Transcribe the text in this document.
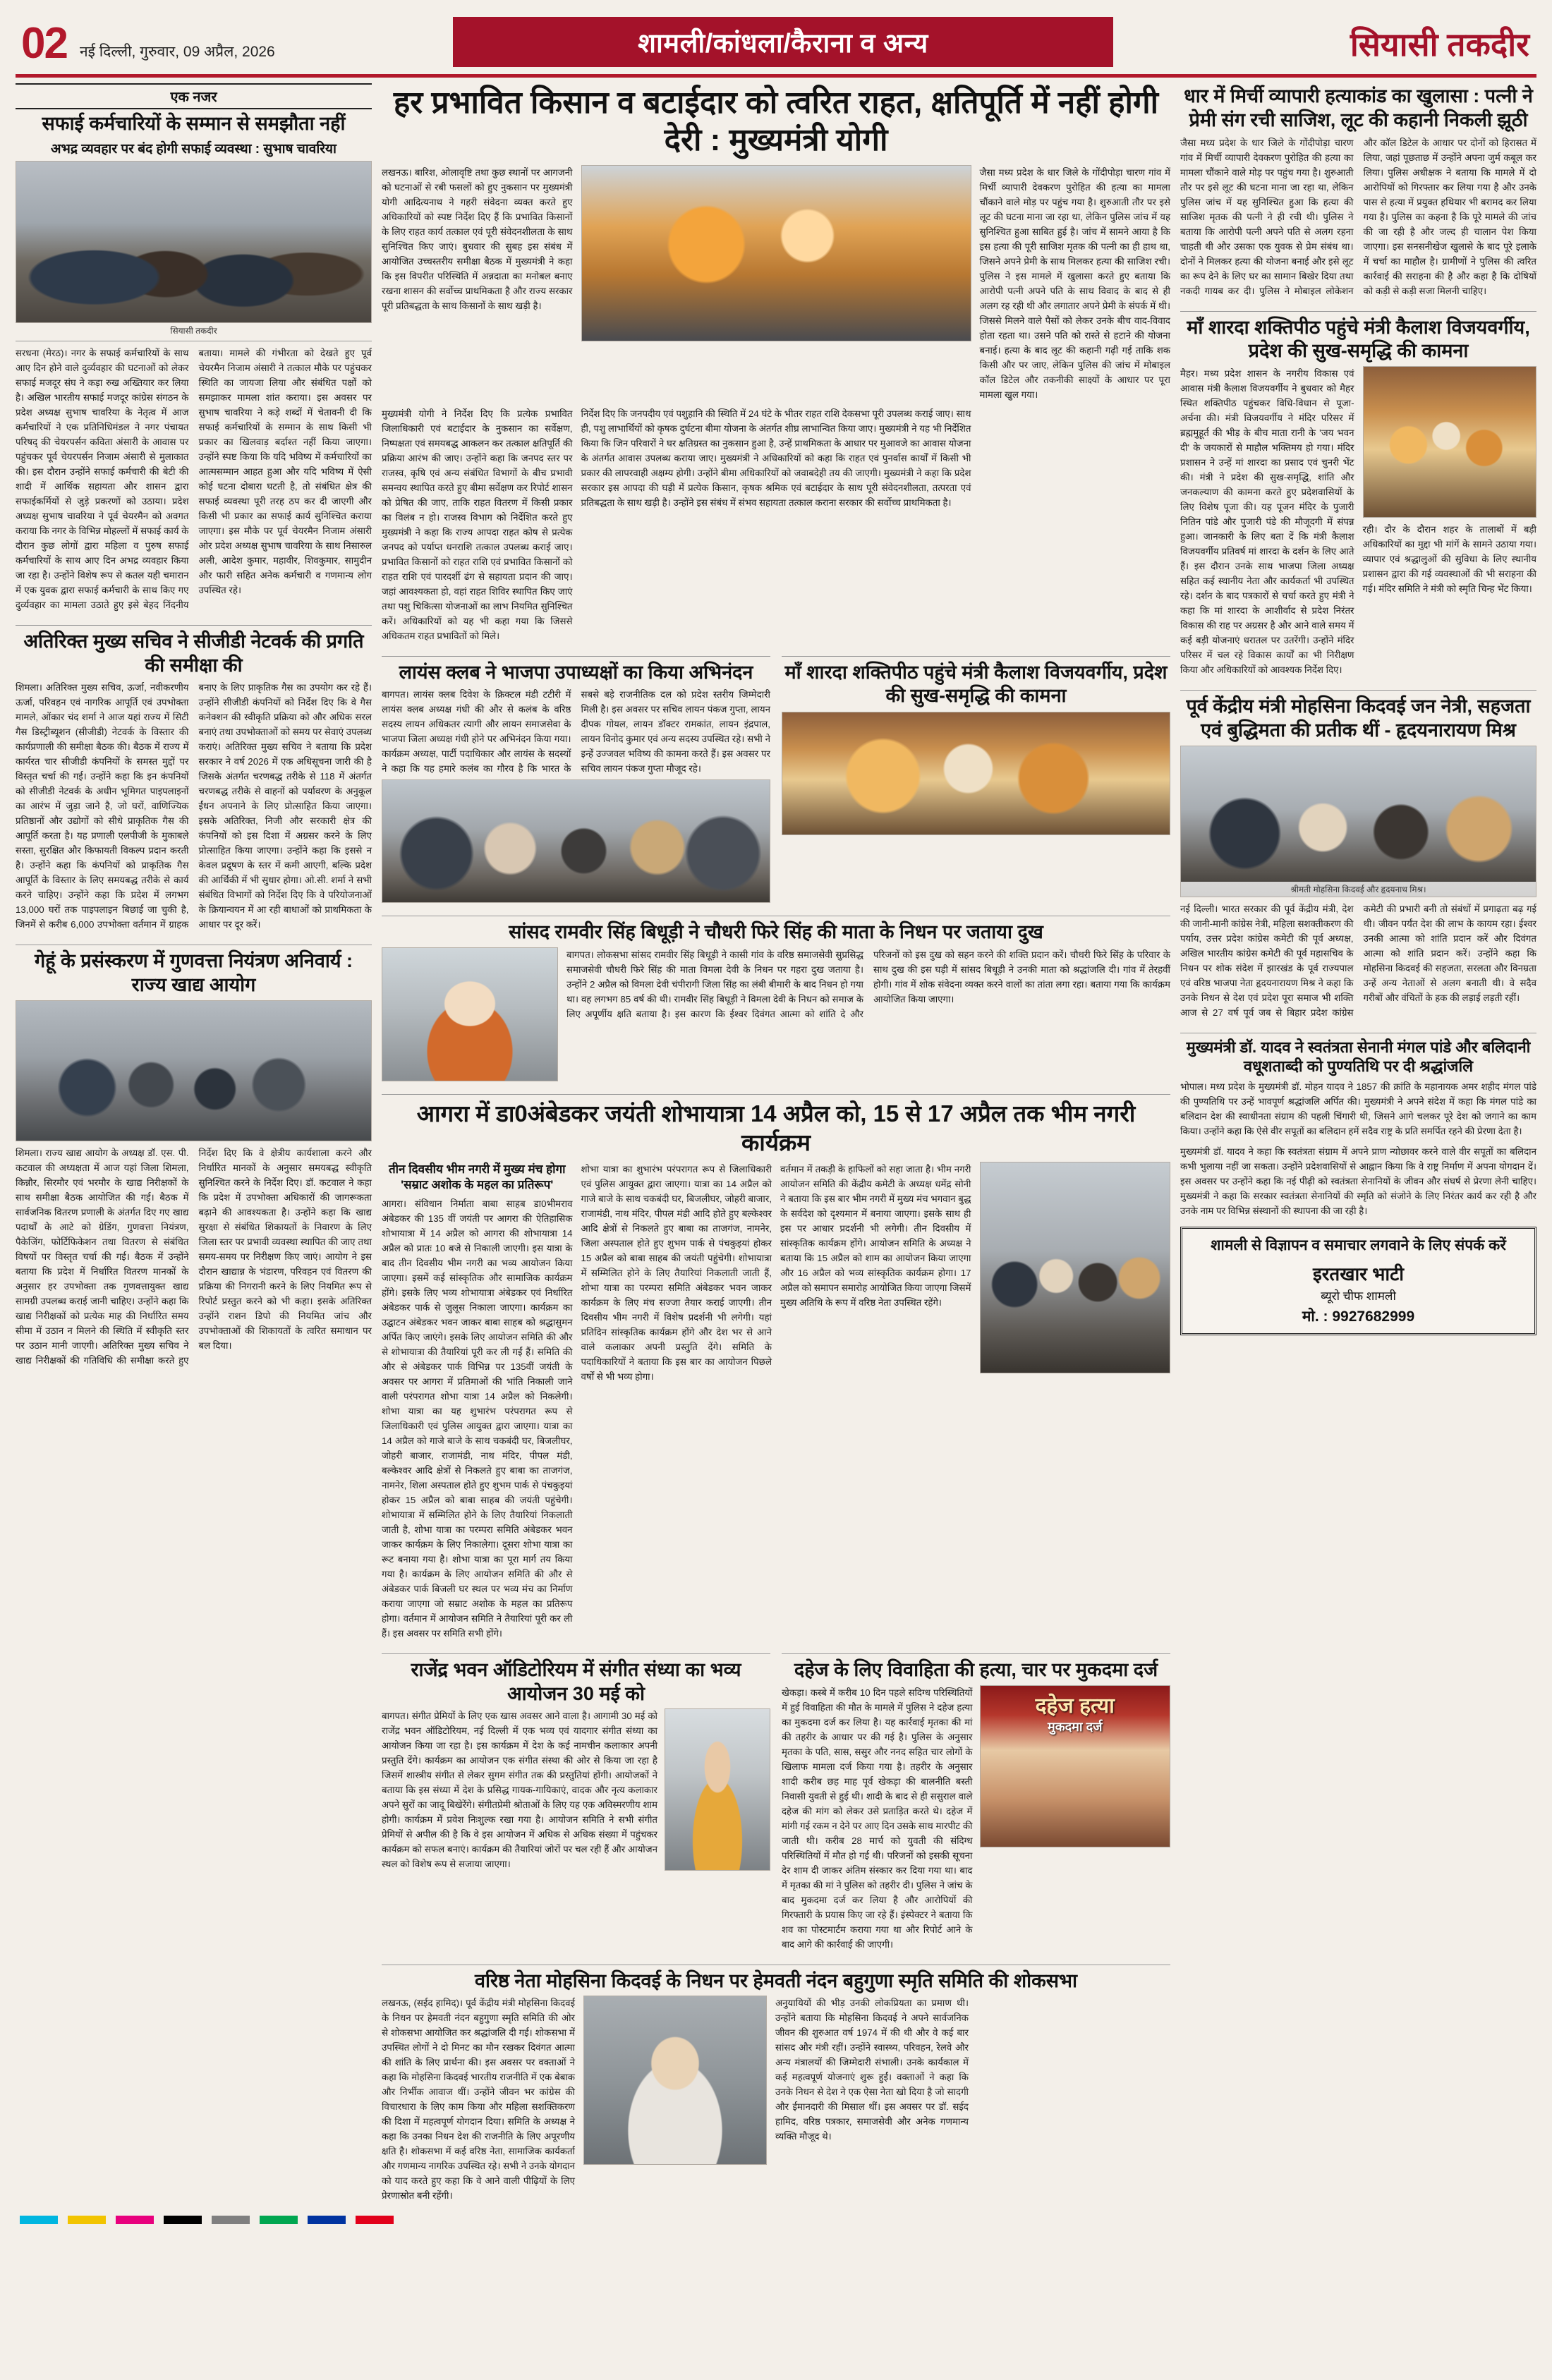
02 नई दिल्ली, गुरुवार, 09 अप्रैल, 2026	शामली/कांधला/कैराना व अन्य	सियासी तकदीर
एक नजर
सफाई कर्मचारियों के सम्मान से समझौता नहीं
अभद्र व्यवहार पर बंद होगी सफाई व्यवस्था : सुभाष चावरिया
सियासी तकदीर
सरधना (मेरठ)। नगर के सफाई कर्मचारियों के साथ आए दिन होने वाले दुर्व्यवहार की घटनाओं को लेकर सफाई मजदूर संघ ने कड़ा रुख अख्तियार कर लिया है। अखिल भारतीय सफाई मजदूर कांग्रेस संगठन के प्रदेश अध्यक्ष सुभाष चावरिया के नेतृत्व में आज कर्मचारियों ने एक प्रतिनिधिमंडल ने नगर पंचायत परिषद् की चेयरपर्सन कविता अंसारी के आवास पर पहुंचकर पूर्व चेयरपर्सन निजाम अंसारी से मुलाकात की। इस दौरान उन्होंने सफाई कर्मचारी की बेटी की शादी में आर्थिक सहायता और शासन द्वारा सफाईकर्मियों से जुड़े प्रकरणों को उठाया। प्रदेश अध्यक्ष सुभाष चावरिया ने पूर्व चेयरमैन को अवगत कराया कि नगर के विभिन्न मोहल्लों में सफाई कार्य के दौरान कुछ लोगों द्वारा महिला व पुरुष सफाई कर्मचारियों के साथ आए दिन अभद्र व्यवहार किया जा रहा है। उन्होंने विशेष रूप से कतल यही चमारान में एक युवक द्वारा सफाई कर्मचारी के साथ किए गए दुर्व्यवहार का मामला उठाते हुए इसे बेहद निंदनीय बताया। मामले की गंभीरता को देखते हुए पूर्व चेयरमैन निजाम अंसारी ने तत्काल मौके पर पहुंचकर स्थिति का जायजा लिया और संबंधित पक्षों को समझाकर मामला शांत कराया। इस अवसर पर सुभाष चावरिया ने कड़े शब्दों में चेतावनी दी कि सफाई कर्मचारियों के सम्मान के साथ किसी भी प्रकार का खिलवाड़ बर्दाश्त नहीं किया जाएगा। उन्होंने स्पष्ट किया कि यदि भविष्य में कर्मचारियों का आत्मसम्मान आहत हुआ और यदि भविष्य में ऐसी कोई घटना दोबारा घटती है, तो संबंधित क्षेत्र की सफाई व्यवस्था पूरी तरह ठप कर दी जाएगी और किसी भी प्रकार का सफाई कार्य सुनिश्चित कराया जाएगा। इस मौके पर पूर्व चेयरमैन निजाम अंसारी ओर प्रदेश अध्यक्ष सुभाष चावरिया के साथ निसारुल अली, आदेश कुमार, महावीर, शिवकुमार, सामुदीन और फारी सहित अनेक कर्मचारी व गणमान्य लोग उपस्थित रहे।
अतिरिक्त मुख्य सचिव ने सीजीडी नेटवर्क की प्रगति की समीक्षा की
शिमला। अतिरिक्त मुख्य सचिव, ऊर्जा, नवीकरणीय ऊर्जा, परिवहन एवं नागरिक आपूर्ति एवं उपभोक्ता मामले, ओंकार चंद शर्मा ने आज यहां राज्य में सिटी गैस डिस्ट्रीब्यूशन (सीजीडी) नेटवर्क के विस्तार की कार्यप्रणाली की समीक्षा बैठक की। बैठक में राज्य में कार्यरत चार सीजीडी कंपनियों के समस्त मुद्दों पर विस्तृत चर्चा की गई। उन्होंने कहा कि इन कंपनियों को सीजीडी नेटवर्क के अधीन भूमिगत पाइपलाइनों का आरंभ में जुड़ा जाने है, जो घरों, वाणिज्यिक प्रतिष्ठानों और उद्योगों को सीधे प्राकृतिक गैस की आपूर्ति करता है। यह प्रणाली एलपीजी के मुकाबले सस्ता, सुरक्षित और किफायती विकल्प प्रदान करती है। उन्होंने कहा कि कंपनियों को प्राकृतिक गैस आपूर्ति के विस्तार के लिए समयबद्ध तरीके से कार्य करने चाहिए। उन्होंने कहा कि प्रदेश में लगभग 13,000 घरों तक पाइपलाइन बिछाई जा चुकी है, जिनमें से करीब 6,000 उपभोक्ता वर्तमान में ग्राहक बनाए के लिए प्राकृतिक गैस का उपयोग कर रहे हैं। उन्होंने सीजीडी कंपनियों को निर्देश दिए कि वे गैस कनेक्शन की स्वीकृति प्रक्रिया को और अधिक सरल बनाएं तथा उपभोक्ताओं को समय पर सेवाएं उपलब्ध कराएं। अतिरिक्त मुख्य सचिव ने बताया कि प्रदेश सरकार ने वर्ष 2026 में एक अधिसूचना जारी की है जिसके अंतर्गत चरणबद्ध तरीके से 118 में अंतर्गत चरणबद्ध तरीके से वाहनों को पर्यावरण के अनुकूल ईंधन अपनाने के लिए प्रोत्साहित किया जाएगा। इसके अतिरिक्त, निजी और सरकारी क्षेत्र की कंपनियों को इस दिशा में अग्रसर करने के लिए प्रोत्साहित किया जाएगा। उन्होंने कहा कि इससे न केवल प्रदूषण के स्तर में कमी आएगी, बल्कि प्रदेश की आर्थिकी में भी सुधार होगा। ओ.सी. शर्मा ने सभी संबंधित विभागों को निर्देश दिए कि वे परियोजनाओं के क्रियान्वयन में आ रही बाधाओं को प्राथमिकता के आधार पर दूर करें।
गेहूं के प्रसंस्करण में गुणवत्ता नियंत्रण अनिवार्य : राज्य खाद्य आयोग
शिमला। राज्य खाद्य आयोग के अध्यक्ष डॉ. एस. पी. कटवाल की अध्यक्षता में आज यहां जिला शिमला, किन्नौर, सिरमौर एवं भरमौर के खाद्य निरीक्षकों के साथ समीक्षा बैठक आयोजित की गई। बैठक में सार्वजनिक वितरण प्रणाली के अंतर्गत दिए गए खाद्य पदार्थों के आटे को ग्रेडिंग, गुणवत्ता नियंत्रण, पैकेजिंग, फोर्टिफिकेशन तथा वितरण से संबंधित विषयों पर विस्तृत चर्चा की गई। बैठक में उन्होंने बताया कि प्रदेश में निर्धारित वितरण मानकों के अनुसार हर उपभोक्ता तक गुणवत्तायुक्त खाद्य सामग्री उपलब्ध कराई जानी चाहिए। उन्होंने कहा कि खाद्य निरीक्षकों को प्रत्येक माह की निर्धारित समय सीमा में उठान न मिलने की स्थिति में स्वीकृति स्तर पर उठान मानी जाएगी। अतिरिक्त मुख्य सचिव ने खाद्य निरीक्षकों की गतिविधि की समीक्षा करते हुए निर्देश दिए कि वे क्षेत्रीय कार्यशाला करने और निर्धारित मानकों के अनुसार समयबद्ध स्वीकृति सुनिश्चित करने के निर्देश दिए। डॉ. कटवाल ने कहा कि प्रदेश में उपभोक्ता अधिकारों की जागरूकता बढ़ाने की आवश्यकता है। उन्होंने कहा कि खाद्य सुरक्षा से संबंधित शिकायतों के निवारण के लिए जिला स्तर पर प्रभावी व्यवस्था स्थापित की जाए तथा समय-समय पर निरीक्षण किए जाएं। आयोग ने इस दौरान खाद्यान्न के भंडारण, परिवहन एवं वितरण की प्रक्रिया की निगरानी करने के लिए नियमित रूप से रिपोर्ट प्रस्तुत करने को भी कहा। इसके अतिरिक्त उन्होंने राशन डिपो की नियमित जांच और उपभोक्ताओं की शिकायतों के त्वरित समाधान पर बल दिया।
हर प्रभावित किसान व बटाईदार को त्वरित राहत, क्षतिपूर्ति में नहीं होगी देरी : मुख्यमंत्री योगी
लखनऊ। बारिश, ओलावृष्टि तथा कुछ स्थानों पर आगजनी को घटनाओं से रबी फसलों को हुए नुकसान पर मुख्यमंत्री योगी आदित्यनाथ ने गहरी संवेदना व्यक्त करते हुए अधिकारियों को स्पष्ट निर्देश दिए हैं कि प्रभावित किसानों के लिए राहत कार्य तत्काल एवं पूरी संवेदनशीलता के साथ सुनिश्चित किए जाएं। बुधवार की सुबह इस संबंध में आयोजित उच्चस्तरीय समीक्षा बैठक में मुख्यमंत्री ने कहा कि इस विपरीत परिस्थिति में अन्नदाता का मनोबल बनाए रखना शासन की सर्वोच्च प्राथमिकता है और राज्य सरकार पूरी प्रतिबद्धता के साथ किसानों के साथ खड़ी है।
जैसा मध्य प्रदेश के धार जिले के गोंदीपोड़ा चारण गांव में मिर्ची व्यापारी देवकरण पुरोहित की हत्या का मामला चौंकाने वाले मोड़ पर पहुंच गया है। शुरुआती तौर पर इसे लूट की घटना माना जा रहा था, लेकिन पुलिस जांच में यह सुनिश्चित हुआ साबित हुई है। जांच में सामने आया है कि इस हत्या की पूरी साजिश मृतक की पत्नी का ही हाथ था, जिसने अपने प्रेमी के साथ मिलकर हत्या की साजिश रची। पुलिस ने इस मामले में खुलासा करते हुए बताया कि आरोपी पत्नी अपने पति के साथ विवाद के बाद से ही अलग रह रही थी और लगातार अपने प्रेमी के संपर्क में थी। जिससे मिलने वाले पैसों को लेकर उनके बीच वाद-विवाद होता रहता था। उसने पति को रास्ते से हटाने की योजना बनाई। हत्या के बाद लूट की कहानी गढ़ी गई ताकि शक किसी और पर जाए, लेकिन पुलिस की जांच में मोबाइल कॉल डिटेल और तकनीकी साक्ष्यों के आधार पर पूरा मामला खुल गया।
मुख्यमंत्री योगी ने निर्देश दिए कि प्रत्येक प्रभावित जिलाधिकारी एवं बटाईदार के नुकसान का सर्वेक्षण, निष्पक्षता एवं समयबद्ध आकलन कर तत्काल क्षतिपूर्ति की प्रक्रिया आरंभ की जाए। उन्होंने कहा कि जनपद स्तर पर राजस्व, कृषि एवं अन्य संबंधित विभागों के बीच प्रभावी समन्वय स्थापित करते हुए बीमा सर्वेक्षण कर रिपोर्ट शासन को प्रेषित की जाए, ताकि राहत वितरण में किसी प्रकार का विलंब न हो। राजस्व विभाग को निर्देशित करते हुए मुख्यमंत्री ने कहा कि राज्य आपदा राहत कोष से प्रत्येक जनपद को पर्याप्त धनराशि तत्काल उपलब्ध कराई जाए। प्रभावित किसानों को राहत राशि एवं प्रभावित किसानों को राहत राशि एवं पारदर्शी ढंग से सहायता प्रदान की जाए। जहां आवश्यकता हो, वहां राहत शिविर स्थापित किए जाएं तथा पशु चिकित्सा योजनाओं का लाभ नियमित सुनिश्चित करें। अधिकारियों को यह भी कहा गया कि जिससे अधिकतम राहत प्रभावितों को मिले।
निर्देश दिए कि जनपदीय एवं पशुहानि की स्थिति में 24 घंटे के भीतर राहत राशि देकसभा पूरी उपलब्ध कराई जाए। साथ ही, पशु लाभार्थियों को कृषक दुर्घटना बीमा योजना के अंतर्गत शीघ्र लाभान्वित किया जाए। मुख्यमंत्री ने यह भी निर्देशित किया कि जिन परिवारों ने घर क्षतिग्रस्त का नुकसान हुआ है, उन्हें प्राथमिकता के आधार पर मुआवजे का आवास योजना के अंतर्गत आवास उपलब्ध कराया जाए। मुख्यमंत्री ने अधिकारियों को कहा कि राहत एवं पुनर्वास कार्यों में किसी भी प्रकार की लापरवाही अक्षम्य होगी। उन्होंने बीमा अधिकारियों को जवाबदेही तय की जाएगी। मुख्यमंत्री ने कहा कि प्रदेश सरकार इस आपदा की घड़ी में प्रत्येक किसान, कृषक श्रमिक एवं बटाईदार के साथ पूरी संवेदनशीलता, तत्परता एवं प्रतिबद्धता के साथ खड़ी है। उन्होंने इस संबंध में संभव सहायता तत्काल कराना सरकार की सर्वोच्च प्राथमिकता है।

लायंस क्लब ने भाजपा उपाध्यक्षों का किया अभिनंदन
बागपत। लायंस क्लब दिवेश के क्रिक्टल मंडी टटीरी में लायंस क्लब अध्यक्ष गंधी की और से कलंब के वरिष्ठ सदस्य लायन अधिकतर त्यागी और लायन समाजसेवा के भाजपा जिला अध्यक्ष गंधी होने पर अभिनंदन किया गया। कार्यक्रम अध्यक्ष, पार्टी पदाधिकार और लायंस के सदस्यों ने कहा कि यह हमारे कलंब का गौरव है कि भारत के सबसे बड़े राजनीतिक दल को प्रदेश स्तरीय जिम्मेदारी मिली है। इस अवसर पर सचिव लायन पंकज गुप्ता, लायन दीपक गोयल, लायन डॉक्टर रामकांत, लायन इंद्रपाल, लायन विनोद कुमार एवं अन्य सदस्य उपस्थित रहे। सभी ने इन्हें उज्जवल भविष्य की कामना करते हैं। इस अवसर पर सचिव लायन पंकज गुप्ता मौजूद रहे।
माँ शारदा शक्तिपीठ पहुंचे मंत्री कैलाश विजयवर्गीय, प्रदेश की सुख-समृद्धि की कामना
सांसद रामवीर सिंह बिधूड़ी ने चौधरी फिरे सिंह की माता के निधन पर जताया दुख
बागपत। लोकसभा सांसद रामवीर सिंह बिधूड़ी ने कासी गांव के वरिष्ठ समाजसेवी सुप्रसिद्ध समाजसेवी चौधरी फिरे सिंह की माता विमला देवी के निधन पर गहरा दुख जताया है। उन्होंने 2 अप्रैल को विमला देवी चंपीरागी जिला सिंह का लंबी बीमारी के बाद निधन हो गया था। वह लगभग 85 वर्ष की थी। रामवीर सिंह बिधूड़ी ने विमला देवी के निधन को समाज के लिए अपूर्णीय क्षति बताया है। इस कारण कि ईश्वर दिवंगत आत्मा को शांति दे और परिजनों को इस दुख को सहन करने की शक्ति प्रदान करें। चौधरी फिरे सिंह के परिवार के साथ दुख की इस घड़ी में सांसद बिधूड़ी ने उनकी माता को श्रद्धांजलि दी। गांव में तेरहवीं होगी। गांव में शोक संवेदना व्यक्त करने वालों का तांता लगा रहा। बताया गया कि कार्यक्रम आयोजित किया जाएगा।
आगरा में डा0अंबेडकर जयंती शोभायात्रा 14 अप्रैल को, 15 से 17 अप्रैल तक भीम नगरी कार्यक्रम
तीन दिवसीय भीम नगरी में मुख्य मंच होगा 'सम्राट अशोक के महल का प्रतिरूप'
आगरा। संविधान निर्माता बाबा साहब डा0भीमराव अंबेडकर की 135 वीं जयंती पर आगरा की ऐतिहासिक शोभायात्रा में 14 अप्रैल को आगरा की शोभायात्रा 14 अप्रैल को प्रातः 10 बजे से निकाली जाएगी। इस यात्रा के बाद तीन दिवसीय भीम नगरी का भव्य आयोजन किया जाएगा। इसमें कई सांस्कृतिक और सामाजिक कार्यक्रम होंगे। इसके लिए भव्य शोभायात्रा अंबेडकर एवं निर्धारित अंबेडकर पार्क से जुलूस निकाला जाएगा। कार्यक्रम का उद्घाटन अंबेडकर भवन जाकर बाबा साहब को श्रद्धासुमन अर्पित किए जाएंगे। इसके लिए आयोजन समिति की और से शोभायात्रा की तैयारियां पूरी कर ली गईं हैं। समिति की और से अंबेडकर पार्क विभिन्न पर 135वीं जयंती के अवसर पर आगरा में प्रतिमाओं की भांति निकाली जाने वाली परंपरागत शोभा यात्रा 14 अप्रैल को निकलेगी। शोभा यात्रा का यह शुभारंभ परंपरागत रूप से जिलाधिकारी एवं पुलिस आयुक्त द्वारा जाएगा। यात्रा का 14 अप्रैल को गाजे बाजे के साथ चकबंदी घर, बिजलीघर, जोहरी बाजार, राजामंडी, नाथ मंदिर, पीपल मंडी, बल्केश्वर आदि क्षेत्रों से निकलते हुए बाबा का ताजगंज, नामनेर, शिला अस्पताल होते हुए शुभम पार्क से पंचकुइयां होकर 15 अप्रैल को बाबा साहब की जयंती पहुंचेगी। शोभायात्रा में सम्मिलित होने के लिए तैयारियां निकलाती जाती है, शोभा यात्रा का परम्परा समिति अंबेडकर भवन जाकर कार्यक्रम के लिए निकालेगा। दूसरा शोभा यात्रा का रूट बनाया गया है। शोभा यात्रा का पूरा मार्ग तय किया गया है। कार्यक्रम के लिए आयोजन समिति की और से अंबेडकर पार्क बिजली घर स्थल पर भव्य मंच का निर्माण कराया जाएगा जो सम्राट अशोक के महल का प्रतिरूप होगा। वर्तमान में आयोजन समिति ने तैयारियां पूरी कर ली हैं। इस अवसर पर समिति सभी होंगे।
शोभा यात्रा का शुभारंभ परंपरागत रूप से जिलाधिकारी एवं पुलिस आयुक्त द्वारा जाएगा। यात्रा का 14 अप्रैल को गाजे बाजे के साथ चकबंदी घर, बिजलीघर, जोहरी बाजार, राजामंडी, नाथ मंदिर, पीपल मंडी आदि होते हुए बल्केश्वर आदि क्षेत्रों से निकलते हुए बाबा का ताजगंज, नामनेर, जिला अस्पताल होते हुए शुभम पार्क से पंचकुइयां होकर 15 अप्रैल को बाबा साहब की जयंती पहुंचेगी। शोभायात्रा में सम्मिलित होने के लिए तैयारियां निकलाती जाती हैं, शोभा यात्रा का परम्परा समिति अंबेडकर भवन जाकर कार्यक्रम के लिए मंच सज्जा तैयार कराई जाएगी। तीन दिवसीय भीम नगरी में विशेष प्रदर्शनी भी लगेगी। यहां प्रतिदिन सांस्कृतिक कार्यक्रम होंगे और देश भर से आने वाले कलाकार अपनी प्रस्तुति देंगे। समिति के पदाधिकारियों ने बताया कि इस बार का आयोजन पिछले वर्षों से भी भव्य होगा।
वर्तमान में तकड़ी के हाफिलों को सहा जाता है। भीम नगरी आयोजन समिति की केंद्रीय कमेटी के अध्यक्ष धमेंद्र सोनी ने बताया कि इस बार भीम नगरी में मुख्य मंच भगवान बुद्ध के सर्वदेश को दृश्यमान में बनाया जाएगा। इसके साथ ही इस पर आधार प्रदर्शनी भी लगेगी। तीन दिवसीय में सांस्कृतिक कार्यक्रम होंगे। आयोजन समिति के अध्यक्ष ने बताया कि 15 अप्रैल को शाम का आयोजन किया जाएगा और 16 अप्रैल को भव्य सांस्कृतिक कार्यक्रम होगा। 17 अप्रैल को समापन समारोह आयोजित किया जाएगा जिसमें मुख्य अतिथि के रूप में वरिष्ठ नेता उपस्थित रहेंगे।
राजेंद्र भवन ऑडिटोरियम में संगीत संध्या का भव्य आयोजन 30 मई को
बागपत। संगीत प्रेमियों के लिए एक खास अवसर आने वाला है। आगामी 30 मई को राजेंद्र भवन ऑडिटोरियम, नई दिल्ली में एक भव्य एवं यादगार संगीत संध्या का आयोजन किया जा रहा है। इस कार्यक्रम में देश के कई नामचीन कलाकार अपनी प्रस्तुति देंगे। कार्यक्रम का आयोजन एक संगीत संस्था की ओर से किया जा रहा है जिसमें शास्त्रीय संगीत से लेकर सुगम संगीत तक की प्रस्तुतियां होंगी। आयोजकों ने बताया कि इस संध्या में देश के प्रसिद्ध गायक-गायिकाएं, वादक और नृत्य कलाकार अपने सुरों का जादू बिखेरेंगे। संगीतप्रेमी श्रोताओं के लिए यह एक अविस्मरणीय शाम होगी। कार्यक्रम में प्रवेश निःशुल्क रखा गया है। आयोजन समिति ने सभी संगीत प्रेमियों से अपील की है कि वे इस आयोजन में अधिक से अधिक संख्या में पहुंचकर कार्यक्रम को सफल बनाएं। कार्यक्रम की तैयारियां जोरों पर चल रही हैं और आयोजन स्थल को विशेष रूप से सजाया जाएगा।
दहेज के लिए विवाहिता की हत्या, चार पर मुकदमा दर्ज
खेकड़ा। कस्बे में करीब 10 दिन पहले सदिग्ध परिस्थितियों में हुई विवाहिता की मौत के मामले में पुलिस ने दहेज हत्या का मुकदमा दर्ज कर लिया है। यह कार्रवाई मृतका की मां की तहरीर के आधार पर की गई है। पुलिस के अनुसार मृतका के पति, सास, ससुर और ननद सहित चार लोगों के खिलाफ मामला दर्ज किया गया है। तहरीर के अनुसार शादी करीब छह माह पूर्व खेकड़ा की बालनीति बस्ती निवासी युवती से हुई थी। शादी के बाद से ही ससुराल वाले दहेज की मांग को लेकर उसे प्रताड़ित करते थे। दहेज में मांगी गई रकम न देने पर आए दिन उसके साथ मारपीट की जाती थी। करीब 28 मार्च को युवती की संदिग्ध परिस्थितियों में मौत हो गई थी। परिजनों को इसकी सूचना देर शाम दी जाकर अंतिम संस्कार कर दिया गया था। बाद में मृतका की मां ने पुलिस को तहरीर दी। पुलिस ने जांच के बाद मुकदमा दर्ज कर लिया है और आरोपियों की गिरफ्तारी के प्रयास किए जा रहे हैं। इंस्पेक्टर ने बताया कि शव का पोस्टमार्टम कराया गया था और रिपोर्ट आने के बाद आगे की कार्रवाई की जाएगी।
दहेज हत्या
मुकदमा दर्ज
वरिष्ठ नेता मोहसिना किदवई के निधन पर हेमवती नंदन बहुगुणा स्मृति समिति की शोकसभा
लखनऊ, (सईद हामिद)। पूर्व केंद्रीय मंत्री मोहसिना किदवई के निधन पर हेमवती नंदन बहुगुणा स्मृति समिति की ओर से शोकसभा आयोजित कर श्रद्धांजलि दी गई। शोकसभा में उपस्थित लोगों ने दो मिनट का मौन रखकर दिवंगत आत्मा की शांति के लिए प्रार्थना की। इस अवसर पर वक्ताओं ने कहा कि मोहसिना किदवई भारतीय राजनीति में एक बेबाक और निर्भीक आवाज थीं। उन्होंने जीवन भर कांग्रेस की विचारधारा के लिए काम किया और महिला सशक्तिकरण की दिशा में महत्वपूर्ण योगदान दिया। समिति के अध्यक्ष ने कहा कि उनका निधन देश की राजनीति के लिए अपूरणीय क्षति है। शोकसभा में कई वरिष्ठ नेता, सामाजिक कार्यकर्ता और गणमान्य नागरिक उपस्थित रहे। सभी ने उनके योगदान को याद करते हुए कहा कि वे आने वाली पीढ़ियों के लिए प्रेरणास्रोत बनी रहेंगी।
अनुयायियों की भीड़ उनकी लोकप्रियता का प्रमाण थी। उन्होंने बताया कि मोहसिना किदवई ने अपने सार्वजनिक जीवन की शुरुआत वर्ष 1974 में की थी और वे कई बार सांसद और मंत्री रहीं। उन्होंने स्वास्थ्य, परिवहन, रेलवे और अन्य मंत्रालयों की जिम्मेदारी संभाली। उनके कार्यकाल में कई महत्वपूर्ण योजनाएं शुरू हुईं। वक्ताओं ने कहा कि उनके निधन से देश ने एक ऐसा नेता खो दिया है जो सादगी और ईमानदारी की मिसाल थीं। इस अवसर पर डॉ. सईद हामिद, वरिष्ठ पत्रकार, समाजसेवी और अनेक गणमान्य व्यक्ति मौजूद थे।

धार में मिर्ची व्यापारी हत्याकांड का खुलासा : पत्नी ने प्रेमी संग रची साजिश, लूट की कहानी निकली झूठी
जैसा मध्य प्रदेश के धार जिले के गोंदीपोड़ा चारण गांव में मिर्ची व्यापारी देवकरण पुरोहित की हत्या का मामला चौंकाने वाले मोड़ पर पहुंच गया है। शुरुआती तौर पर इसे लूट की घटना माना जा रहा था, लेकिन पुलिस जांच में यह सुनिश्चित हुआ कि हत्या की साजिश मृतक की पत्नी ने ही रची थी। पुलिस ने बताया कि आरोपी पत्नी अपने पति से अलग रहना चाहती थी और उसका एक युवक से प्रेम संबंध था। दोनों ने मिलकर हत्या की योजना बनाई और इसे लूट का रूप देने के लिए घर का सामान बिखेर दिया तथा नकदी गायब कर दी। पुलिस ने मोबाइल लोकेशन और कॉल डिटेल के आधार पर दोनों को हिरासत में लिया, जहां पूछताछ में उन्होंने अपना जुर्म कबूल कर लिया। पुलिस अधीक्षक ने बताया कि मामले में दो आरोपियों को गिरफ्तार कर लिया गया है और उनके पास से हत्या में प्रयुक्त हथियार भी बरामद कर लिया गया है। पुलिस का कहना है कि पूरे मामले की जांच की जा रही है और जल्द ही चालान पेश किया जाएगा। इस सनसनीखेज खुलासे के बाद पूरे इलाके में चर्चा का माहौल है। ग्रामीणों ने पुलिस की त्वरित कार्रवाई की सराहना की है और कहा है कि दोषियों को कड़ी से कड़ी सजा मिलनी चाहिए।
माँ शारदा शक्तिपीठ पहुंचे मंत्री कैलाश विजयवर्गीय, प्रदेश की सुख-समृद्धि की कामना
मैहर। मध्य प्रदेश शासन के नगरीय विकास एवं आवास मंत्री कैलाश विजयवर्गीय ने बुधवार को मैहर स्थित शक्तिपीठ पहुंचकर विधि-विधान से पूजा-अर्चना की। मंत्री विजयवर्गीय ने मंदिर परिसर में ब्रह्ममुहूर्त की भीड़ के बीच माता रानी के 'जय भवन दी' के जयकारों से माहौल भक्तिमय हो गया। मंदिर प्रशासन ने उन्हें मां शारदा का प्रसाद एवं चुनरी भेंट की। मंत्री ने प्रदेश की सुख-समृद्धि, शांति और जनकल्याण की कामना करते हुए प्रदेशवासियों के लिए विशेष पूजा की। यह पूजन मंदिर के पुजारी नितिन पांडे और पुजारी पंडे की मौजूदगी में संपन्न हुआ। जानकारी के लिए बता दें कि मंत्री कैलाश विजयवर्गीय प्रतिवर्ष मां शारदा के दर्शन के लिए आते हैं। इस दौरान उनके साथ भाजपा जिला अध्यक्ष सहित कई स्थानीय नेता और कार्यकर्ता भी उपस्थित रहे। दर्शन के बाद पत्रकारों से चर्चा करते हुए मंत्री ने कहा कि मां शारदा के आशीर्वाद से प्रदेश निरंतर विकास की राह पर अग्रसर है और आने वाले समय में कई बड़ी योजनाएं धरातल पर उतरेंगी। उन्होंने मंदिर परिसर में चल रहे विकास कार्यों का भी निरीक्षण किया और अधिकारियों को आवश्यक निर्देश दिए।
रही। दौर के दौरान शहर के तालाबों में बड़ी अधिकारियों का मुद्दा भी मांगें के सामने उठाया गया। व्यापार एवं श्रद्धालुओं की सुविधा के लिए स्थानीय प्रशासन द्वारा की गई व्यवस्थाओं की भी सराहना की गई। मंदिर समिति ने मंत्री को स्मृति चिन्ह भेंट किया।
पूर्व केंद्रीय मंत्री मोहसिना किदवई जन नेत्री, सहजता एवं बुद्धिमता की प्रतीक थीं - हृदयनारायण मिश्र
श्रीमती मोहसिना किदवई और हृदयनाथ मिश्र।
नई दिल्ली। भारत सरकार की पूर्व केंद्रीय मंत्री, देश की जानी-मानी कांग्रेस नेत्री, महिला सशक्तीकरण की पर्याय, उत्तर प्रदेश कांग्रेस कमेटी की पूर्व अध्यक्ष, अखिल भारतीय कांग्रेस कमेटी की पूर्व महासचिव के निधन पर शोक संदेश में झारखंड के पूर्व राज्यपाल एवं वरिष्ठ भाजपा नेता हृदयनारायण मिश्र ने कहा कि उनके निधन से देश एवं प्रदेश पूरा समाज भी शक्ति आज से 27 वर्ष पूर्व जब से बिहार प्रदेश कांग्रेस कमेटी की प्रभारी बनी तो संबंधों में प्रगाढ़ता बढ़ गई थी। जीवन पर्यंत देश की लाभ के कायम रहा। ईश्वर उनकी आत्मा को शांति प्रदान करें और दिवंगत आत्मा को शांति प्रदान करें। उन्होंने कहा कि मोहसिना किदवई की सहजता, सरलता और विनम्रता उन्हें अन्य नेताओं से अलग बनाती थी। वे सदैव गरीबों और वंचितों के हक की लड़ाई लड़ती रहीं।
मुख्यमंत्री डॉ. यादव ने स्वतंत्रता सेनानी मंगल पांडे और बलिदानी वधूशताब्दी को पुण्यतिथि पर दी श्रद्धांजलि
भोपाल। मध्य प्रदेश के मुख्यमंत्री डॉ. मोहन यादव ने 1857 की क्रांति के महानायक अमर शहीद मंगल पांडे की पुण्यतिथि पर उन्हें भावपूर्ण श्रद्धांजलि अर्पित की। मुख्यमंत्री ने अपने संदेश में कहा कि मंगल पांडे का बलिदान देश की स्वाधीनता संग्राम की पहली चिंगारी थी, जिसने आगे चलकर पूरे देश को जगाने का काम किया। उन्होंने कहा कि ऐसे वीर सपूतों का बलिदान हमें सदैव राष्ट्र के प्रति समर्पित रहने की प्रेरणा देता है।
मुख्यमंत्री डॉ. यादव ने कहा कि स्वतंत्रता संग्राम में अपने प्राण न्योछावर करने वाले वीर सपूतों का बलिदान कभी भुलाया नहीं जा सकता। उन्होंने प्रदेशवासियों से आह्वान किया कि वे राष्ट्र निर्माण में अपना योगदान दें। इस अवसर पर उन्होंने कहा कि नई पीढ़ी को स्वतंत्रता सेनानियों के जीवन और संघर्ष से प्रेरणा लेनी चाहिए। मुख्यमंत्री ने कहा कि सरकार स्वतंत्रता सेनानियों की स्मृति को संजोने के लिए निरंतर कार्य कर रही है और उनके नाम पर विभिन्न संस्थानों की स्थापना की जा रही है।
शामली से विज्ञापन व समाचार लगवाने के लिए संपर्क करें
इरतखार भाटी
ब्यूरो चीफ शामली
मो. : 9927682999
